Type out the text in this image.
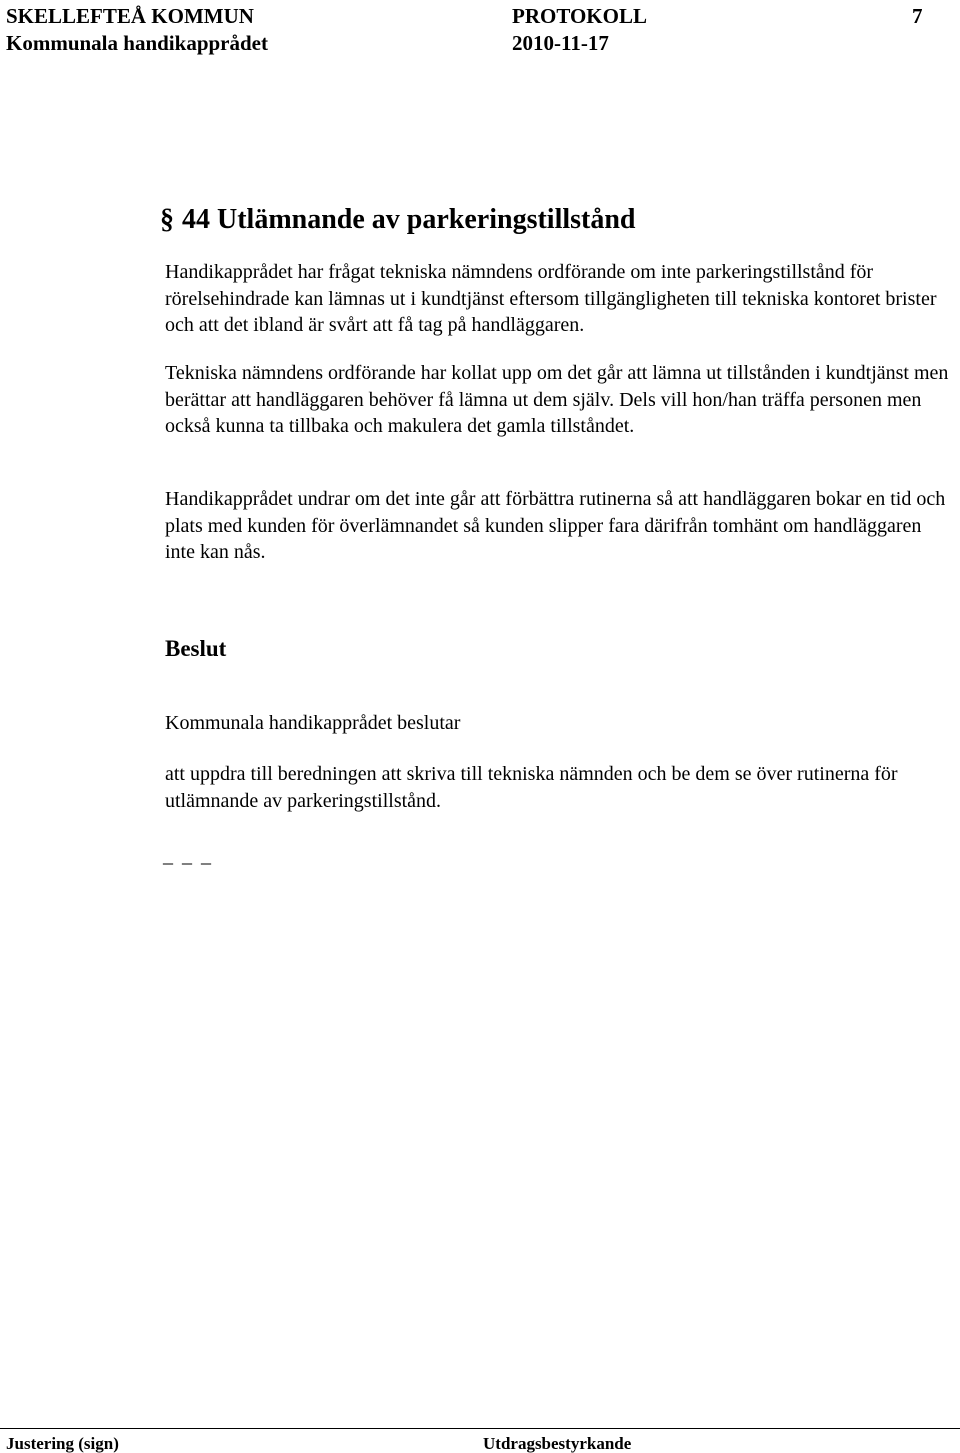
SKELLEFTEÅ KOMMUN	PROTOKOLL	7
Kommunala handikapprådet	2010-11-17
§ 44 Utlämnande av parkeringstillstånd

Handikapprådet har frågat tekniska nämndens ordförande om inte parkeringstillstånd för rörelsehindrade kan lämnas ut i kundtjänst eftersom tillgängligheten till tekniska kontoret brister och att det ibland är svårt att få tag på handläggaren.

Tekniska nämndens ordförande har kollat upp om det går att lämna ut tillstånden i kundtjänst men berättar att handläggaren behöver få lämna ut dem själv. Dels vill hon/han träffa personen men också kunna ta tillbaka och makulera det gamla tillståndet.

Handikapprådet undrar om det inte går att förbättra rutinerna så att handläggaren bokar en tid och plats med kunden för överlämnandet så kunden slipper fara därifrån tomhänt om handläggaren inte kan nås.

Beslut

Kommunala handikapprådet beslutar

att uppdra till beredningen att skriva till tekniska nämnden och be dem se över rutinerna för utlämnande av parkeringstillstånd.

_ _ _
Justering (sign)	Utdragsbestyrkande
